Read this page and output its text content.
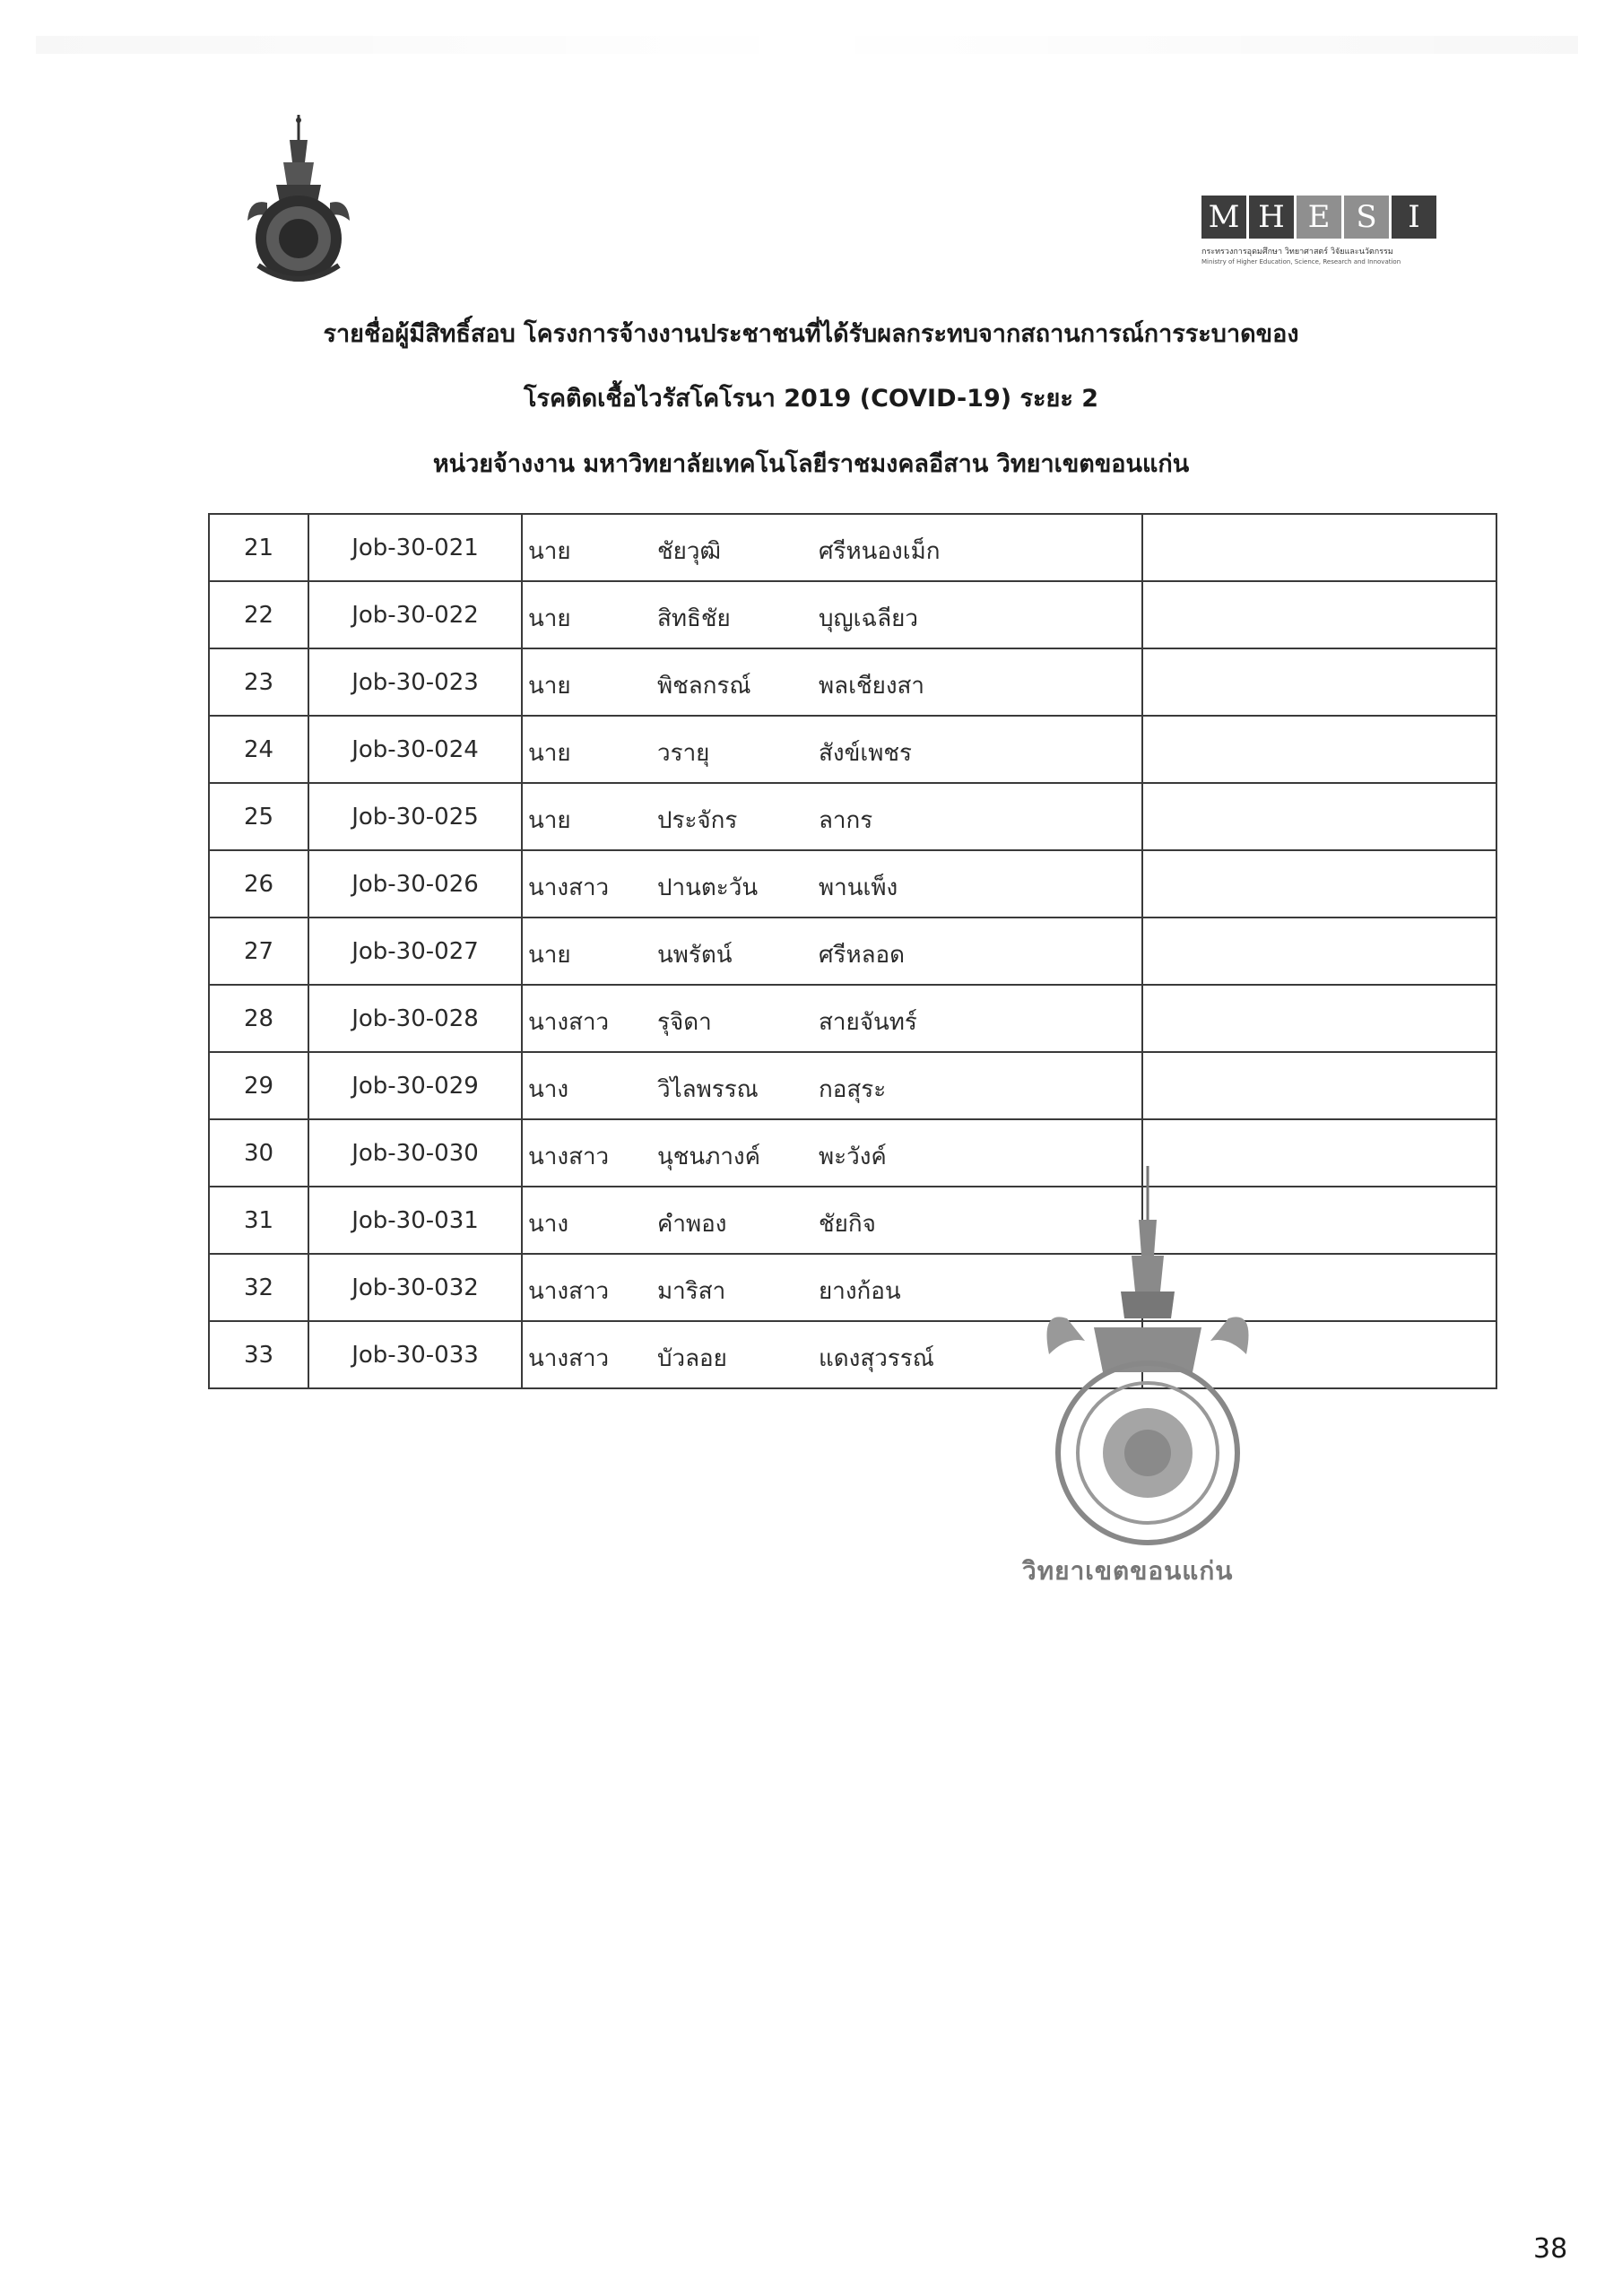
M H E S	I
กระทรวงการอุดมศึกษา วิทยาศาสตร์ วิจัยและนวัตกรรม
Ministry of Higher Education, Science, Research and Innovation
รายชื่อผู้มีสิทธิ์สอบ โครงการจ้างงานประชาชนที่ได้รับผลกระทบจากสถานการณ์การระบาดของ
โรคติดเชื้อไวรัสโคโรนา 2019 (COVID-19) ระยะ 2
หน่วยจ้างงาน มหาวิทยาลัยเทคโนโลยีราชมงคลอีสาน วิทยาเขตขอนแก่น
21	Job-30-021	นาย ชัยวุฒิ ศรีหนองเม็ก	

22	Job-30-022	นาย สิทธิชัย บุญเฉลียว	

23	Job-30-023	นาย พิชลกรณ์ พลเชียงสา	

24	Job-30-024	นาย วรายุ สังข์เพชร	

25	Job-30-025	นาย ประจักร ลากร	

26	Job-30-026	นางสาว ปานตะวัน พานเพ็ง	

27	Job-30-027	นาย นพรัตน์ ศรีหลอด	

28	Job-30-028	นางสาว รุจิดา สายจันทร์	

29	Job-30-029	นาง วิไลพรรณ กอสุระ	

30	Job-30-030	นางสาว นุชนภางค์ พะวังค์	

31	Job-30-031	นาง คำพอง ชัยกิจ	

32	Job-30-032	นางสาว มาริสา ยางก้อน	

33	Job-30-033	นางสาว บัวลอย แดงสุวรรณ์	

วิทยาเขตขอนแก่น
38
